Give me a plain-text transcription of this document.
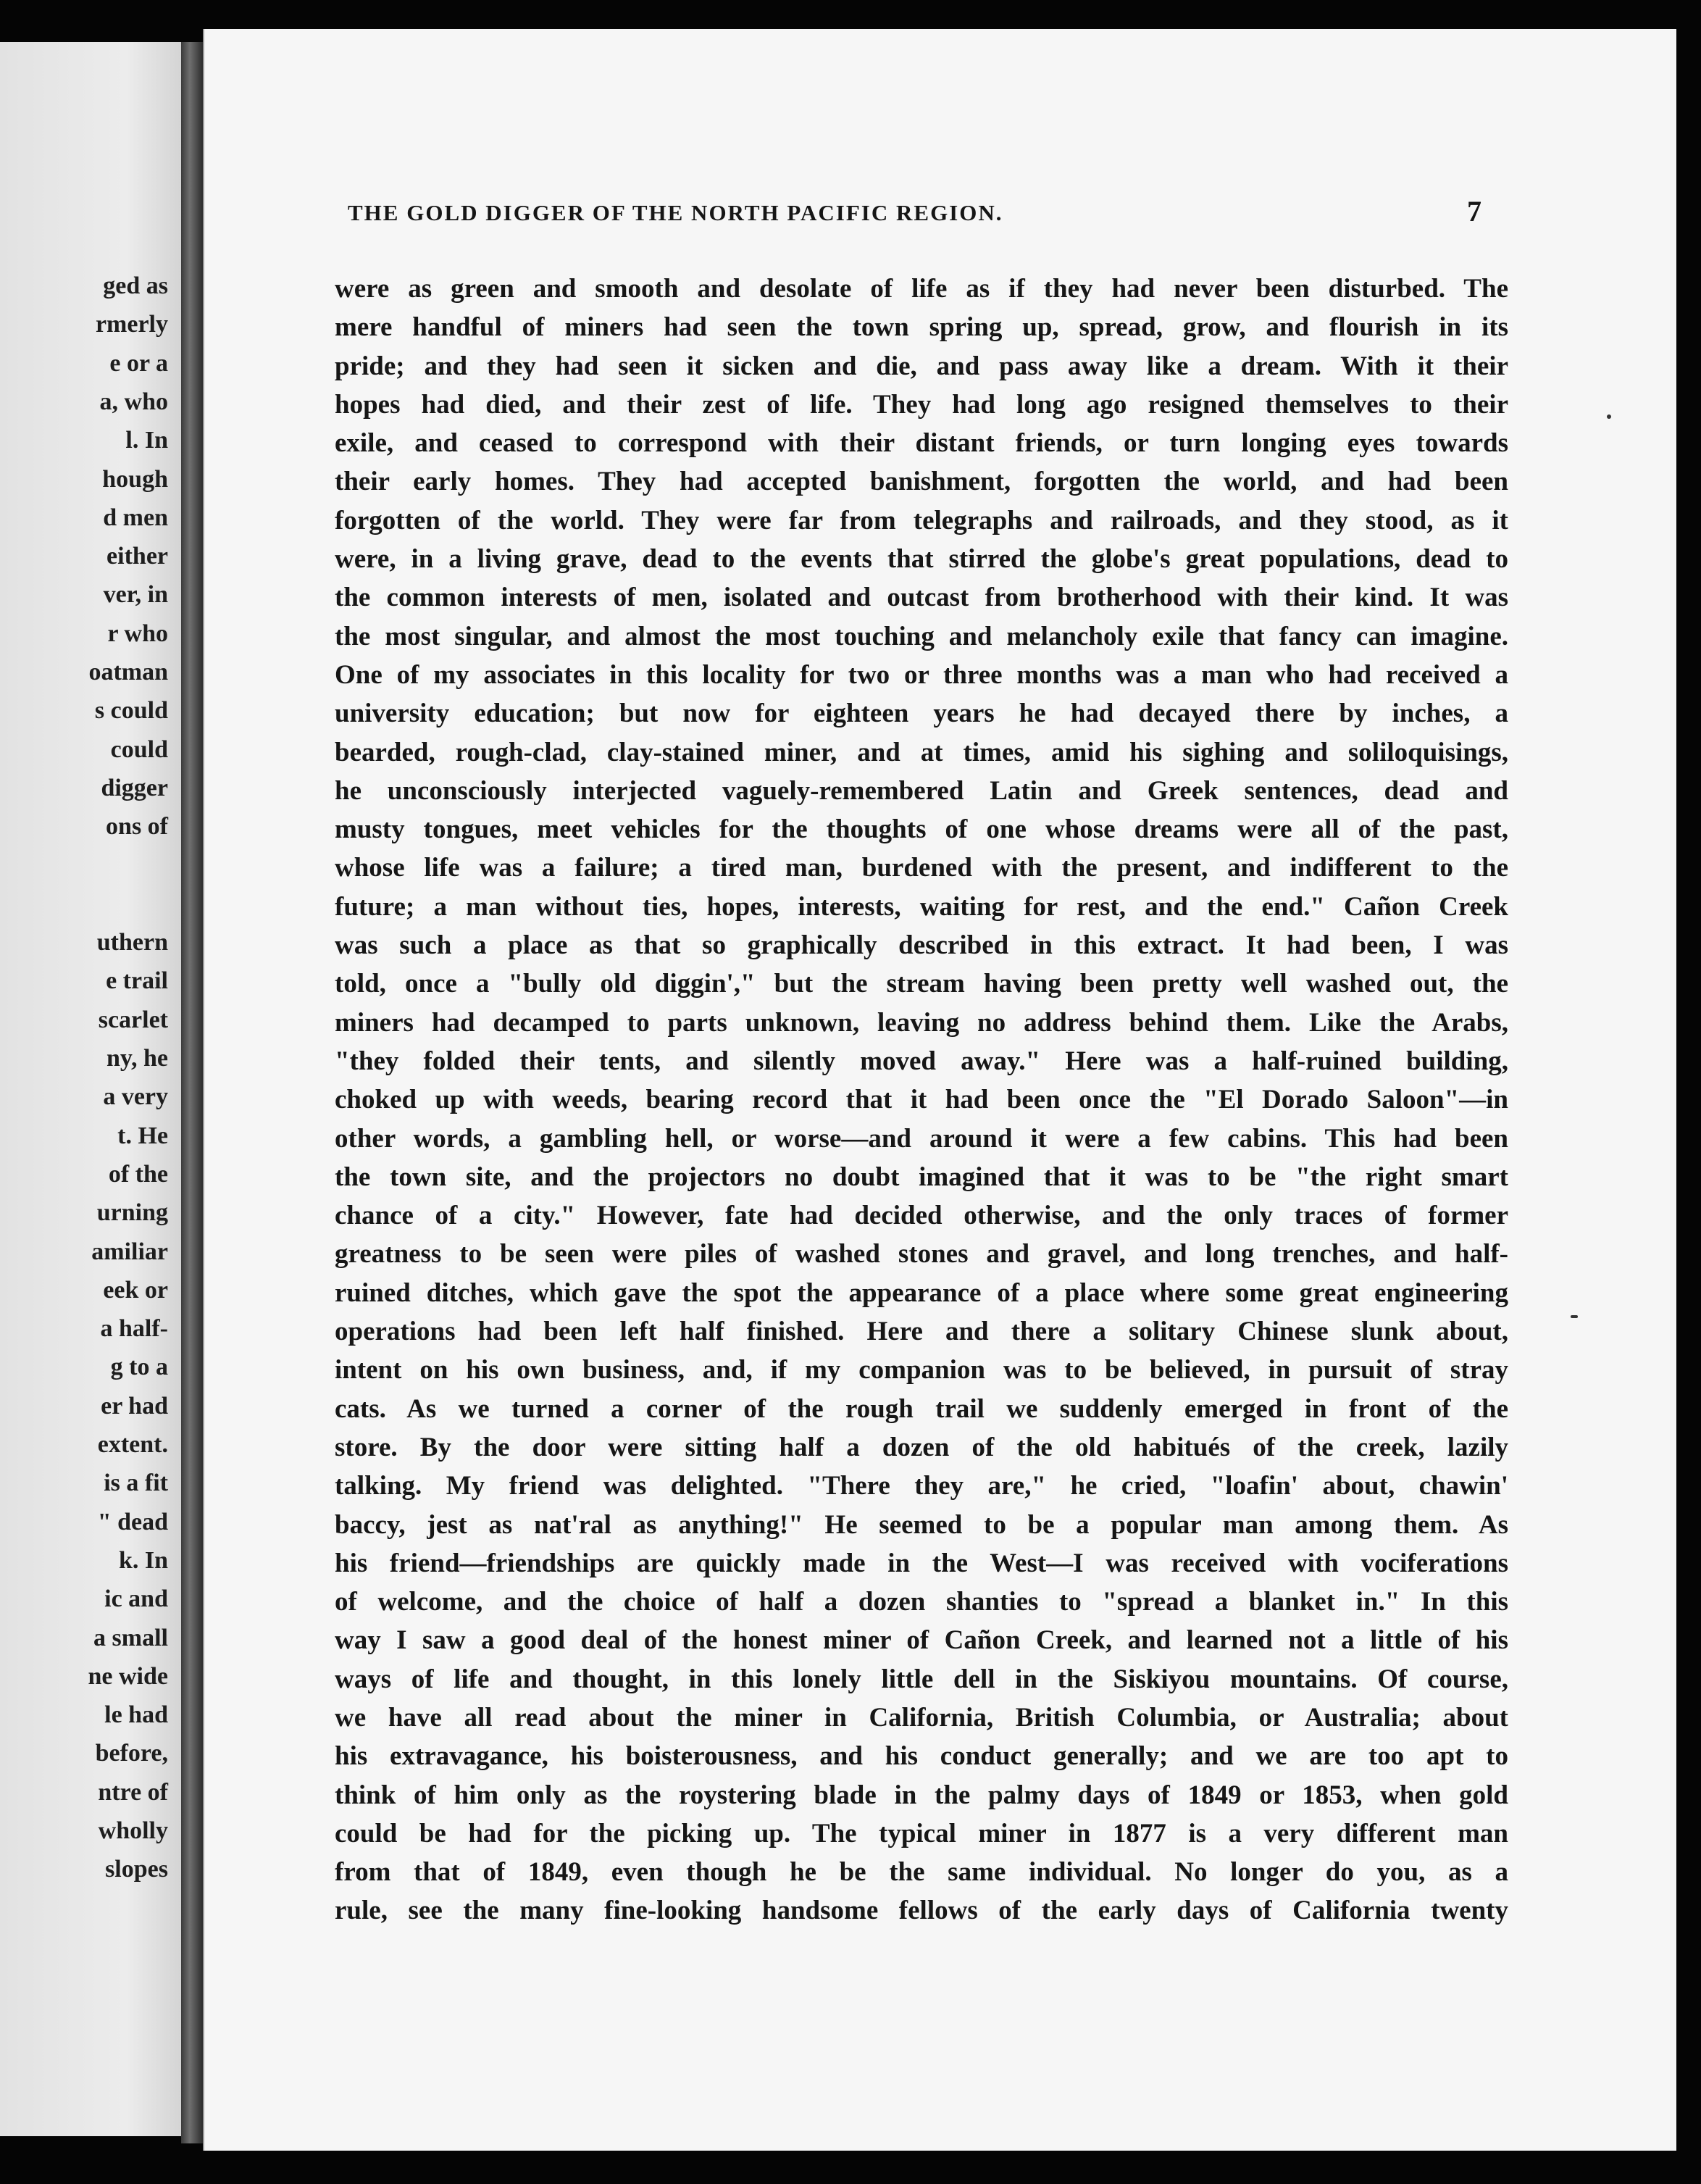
ged as
rmerly
e or a
a, who
l. In
hough
d men
either
ver, in
r who
oatman
s could
could
digger
ons of
uthern
e trail
scarlet
ny, he
a very
t. He
of the
urning
amiliar
eek or
a half-
g to a
er had
extent.
is a fit
" dead
k. In
ic and
a small
ne wide
le had
before,
ntre of
wholly
slopes
THE GOLD DIGGER OF THE NORTH PACIFIC REGION.	7
were as green and smooth and desolate of life as if they had never been disturbed. The
mere handful of miners had seen the town spring up, spread, grow, and flourish in its
pride; and they had seen it sicken and die, and pass away like a dream. With it their
hopes had died, and their zest of life. They had long ago resigned themselves to their
exile, and ceased to correspond with their distant friends, or turn longing eyes towards
their early homes. They had accepted banishment, forgotten the world, and had been
forgotten of the world. They were far from telegraphs and railroads, and they stood, as it
were, in a living grave, dead to the events that stirred the globe's great populations, dead to
the common interests of men, isolated and outcast from brotherhood with their kind. It was
the most singular, and almost the most touching and melancholy exile that fancy can imagine.
One of my associates in this locality for two or three months was a man who had received a
university education; but now for eighteen years he had decayed there by inches, a
bearded, rough-clad, clay-stained miner, and at times, amid his sighing and soliloquisings,
he unconsciously interjected vaguely-remembered Latin and Greek sentences, dead and
musty tongues, meet vehicles for the thoughts of one whose dreams were all of the past,
whose life was a failure; a tired man, burdened with the present, and indifferent to the
future; a man without ties, hopes, interests, waiting for rest, and the end." Cañon Creek
was such a place as that so graphically described in this extract. It had been, I was
told, once a "bully old diggin'," but the stream having been pretty well washed out, the
miners had decamped to parts unknown, leaving no address behind them. Like the Arabs,
"they folded their tents, and silently moved away." Here was a half-ruined building,
choked up with weeds, bearing record that it had been once the "El Dorado Saloon"—in
other words, a gambling hell, or worse—and around it were a few cabins. This had been
the town site, and the projectors no doubt imagined that it was to be "the right smart
chance of a city." However, fate had decided otherwise, and the only traces of former
greatness to be seen were piles of washed stones and gravel, and long trenches, and half-
ruined ditches, which gave the spot the appearance of a place where some great engineering
operations had been left half finished. Here and there a solitary Chinese slunk about,
intent on his own business, and, if my companion was to be believed, in pursuit of stray
cats. As we turned a corner of the rough trail we suddenly emerged in front of the
store. By the door were sitting half a dozen of the old habitués of the creek, lazily
talking. My friend was delighted. "There they are," he cried, "loafin' about, chawin'
baccy, jest as nat'ral as anything!" He seemed to be a popular man among them. As
his friend—friendships are quickly made in the West—I was received with vociferations
of welcome, and the choice of half a dozen shanties to "spread a blanket in." In this
way I saw a good deal of the honest miner of Cañon Creek, and learned not a little of his
ways of life and thought, in this lonely little dell in the Siskiyou mountains. Of course,
we have all read about the miner in California, British Columbia, or Australia; about
his extravagance, his boisterousness, and his conduct generally; and we are too apt to
think of him only as the roystering blade in the palmy days of 1849 or 1853, when gold
could be had for the picking up. The typical miner in 1877 is a very different man
from that of 1849, even though he be the same individual. No longer do you, as a
rule, see the many fine-looking handsome fellows of the early days of California twenty
